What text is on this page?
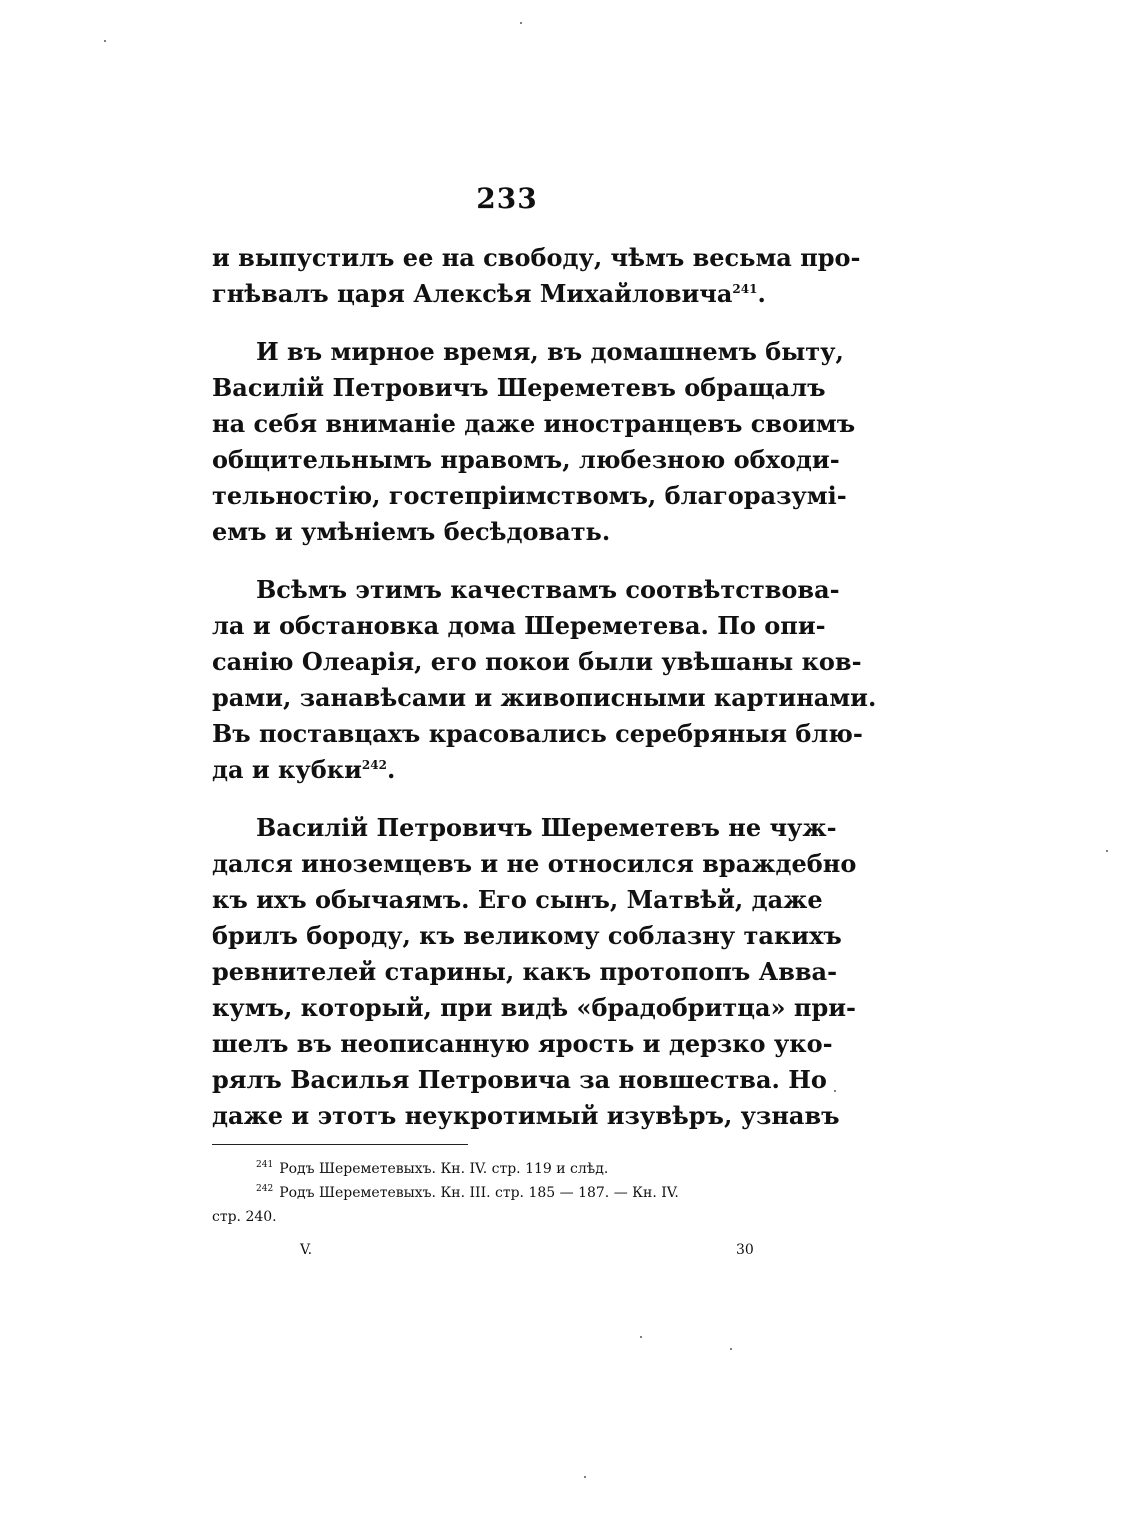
233
и выпустилъ ее на свободу, чѣмъ весьма про-
гнѣвалъ царя Алексѣя Михайловича$^{241}$.
И въ мирное время, въ домашнемъ быту,
Василій Петровичъ Шереметевъ обращалъ
на себя вниманіе даже иностранцевъ своимъ
общительнымъ нравомъ, любезною обходи-
тельностію, гостепріимствомъ, благоразумі-
емъ и умѣніемъ бесѣдовать.
Всѣмъ этимъ качествамъ соотвѣтствова-
ла и обстановка дома Шереметева. По опи-
санію Олеарія, его покои были увѣшаны ков-
рами, занавѣсами и живописными картинами.
Въ поставцахъ красовались серебряныя блю-
да и кубки$^{242}$.
Василій Петровичъ Шереметевъ не чуж-
дался иноземцевъ и не относился враждебно
къ ихъ обычаямъ. Его сынъ, Матвѣй, даже
брилъ бороду, къ великому соблазну такихъ
ревнителей старины, какъ протопопъ Авва-
кумъ, который, при видѣ «брадобритца» при-
шелъ въ неописанную ярость и дерзко уко-
рялъ Василья Петровича за новшества. Но
даже и этотъ неукротимый изувѣръ, узнавъ
$^{241}$ Родъ Шереметевыхъ. Кн. IV. стр. 119 и слѣд.
$^{242}$ Родъ Шереметевыхъ. Кн. III. стр. 185 — 187. — Кн. IV.
стр. 240.
V.	30
